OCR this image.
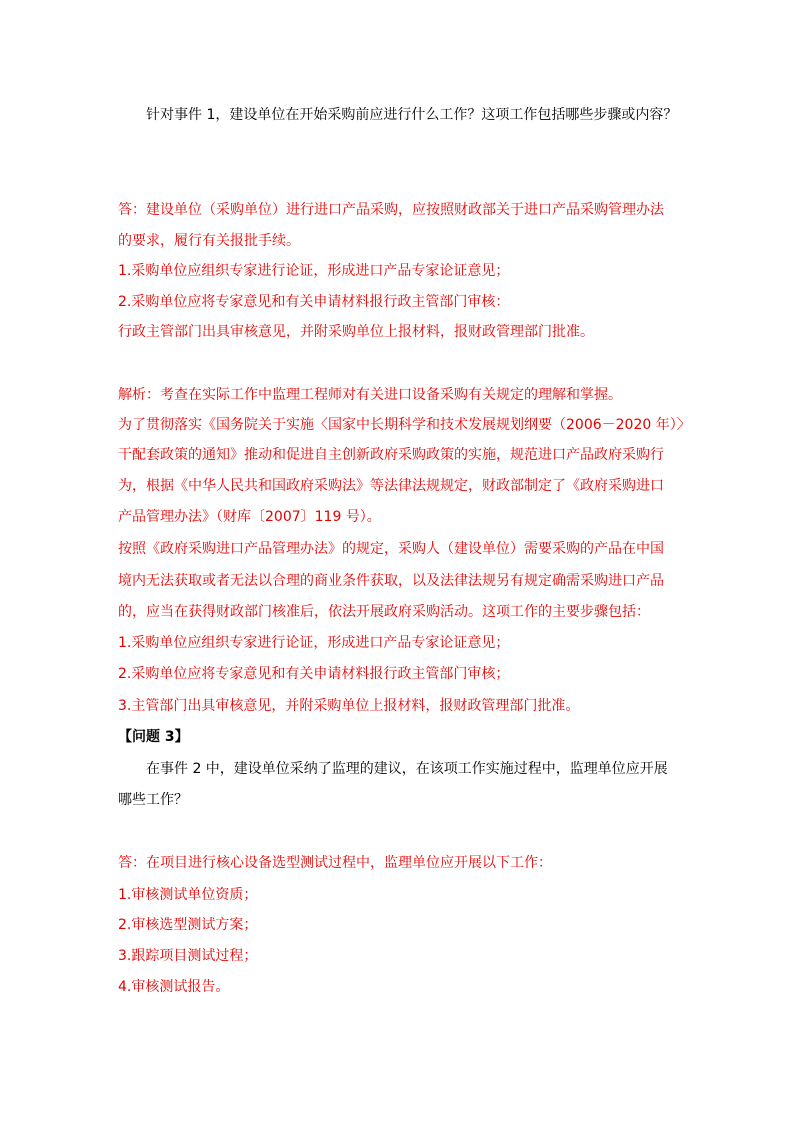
针对事件 1，建设单位在开始采购前应进行什么工作？这项工作包括哪些步骤或内容？
答：建设单位（采购单位）进行进口产品采购，应按照财政部关于进口产品采购管理办法
的要求，履行有关报批手续。
1.采购单位应组织专家进行论证，形成进口产品专家论证意见；
2.采购单位应将专家意见和有关申请材料报行政主管部门审核：
行政主管部门出具审核意见，并附采购单位上报材料，报财政管理部门批准。
解析：考查在实际工作中监理工程师对有关进口设备采购有关规定的理解和掌握。
为了贯彻落实《国务院关于实施〈国家中长期科学和技术发展规划纲要（2006－2020 年）〉
干配套政策的通知》推动和促进自主创新政府采购政策的实施，规范进口产品政府采购行
为，根据《中华人民共和国政府采购法》等法律法规规定，财政部制定了《政府采购进口
产品管理办法》（财库〔2007〕119 号）。
按照《政府采购进口产品管理办法》的规定，采购人（建设单位）需要采购的产品在中国
境内无法获取或者无法以合理的商业条件获取，以及法律法规另有规定确需采购进口产品
的，应当在获得财政部门核准后，依法开展政府采购活动。这项工作的主要步骤包括：
1.采购单位应组织专家进行论证，形成进口产品专家论证意见；
2.采购单位应将专家意见和有关申请材料报行政主管部门审核；
3.主管部门出具审核意见，并附采购单位上报材料，报财政管理部门批准。
【问题 3】
在事件 2 中，建设单位采纳了监理的建议，在该项工作实施过程中，监理单位应开展
哪些工作？
答：在项目进行核心设备选型测试过程中，监理单位应开展以下工作：
1.审核测试单位资质；
2.审核选型测试方案；
3.跟踪项目测试过程；
4.审核测试报告。
